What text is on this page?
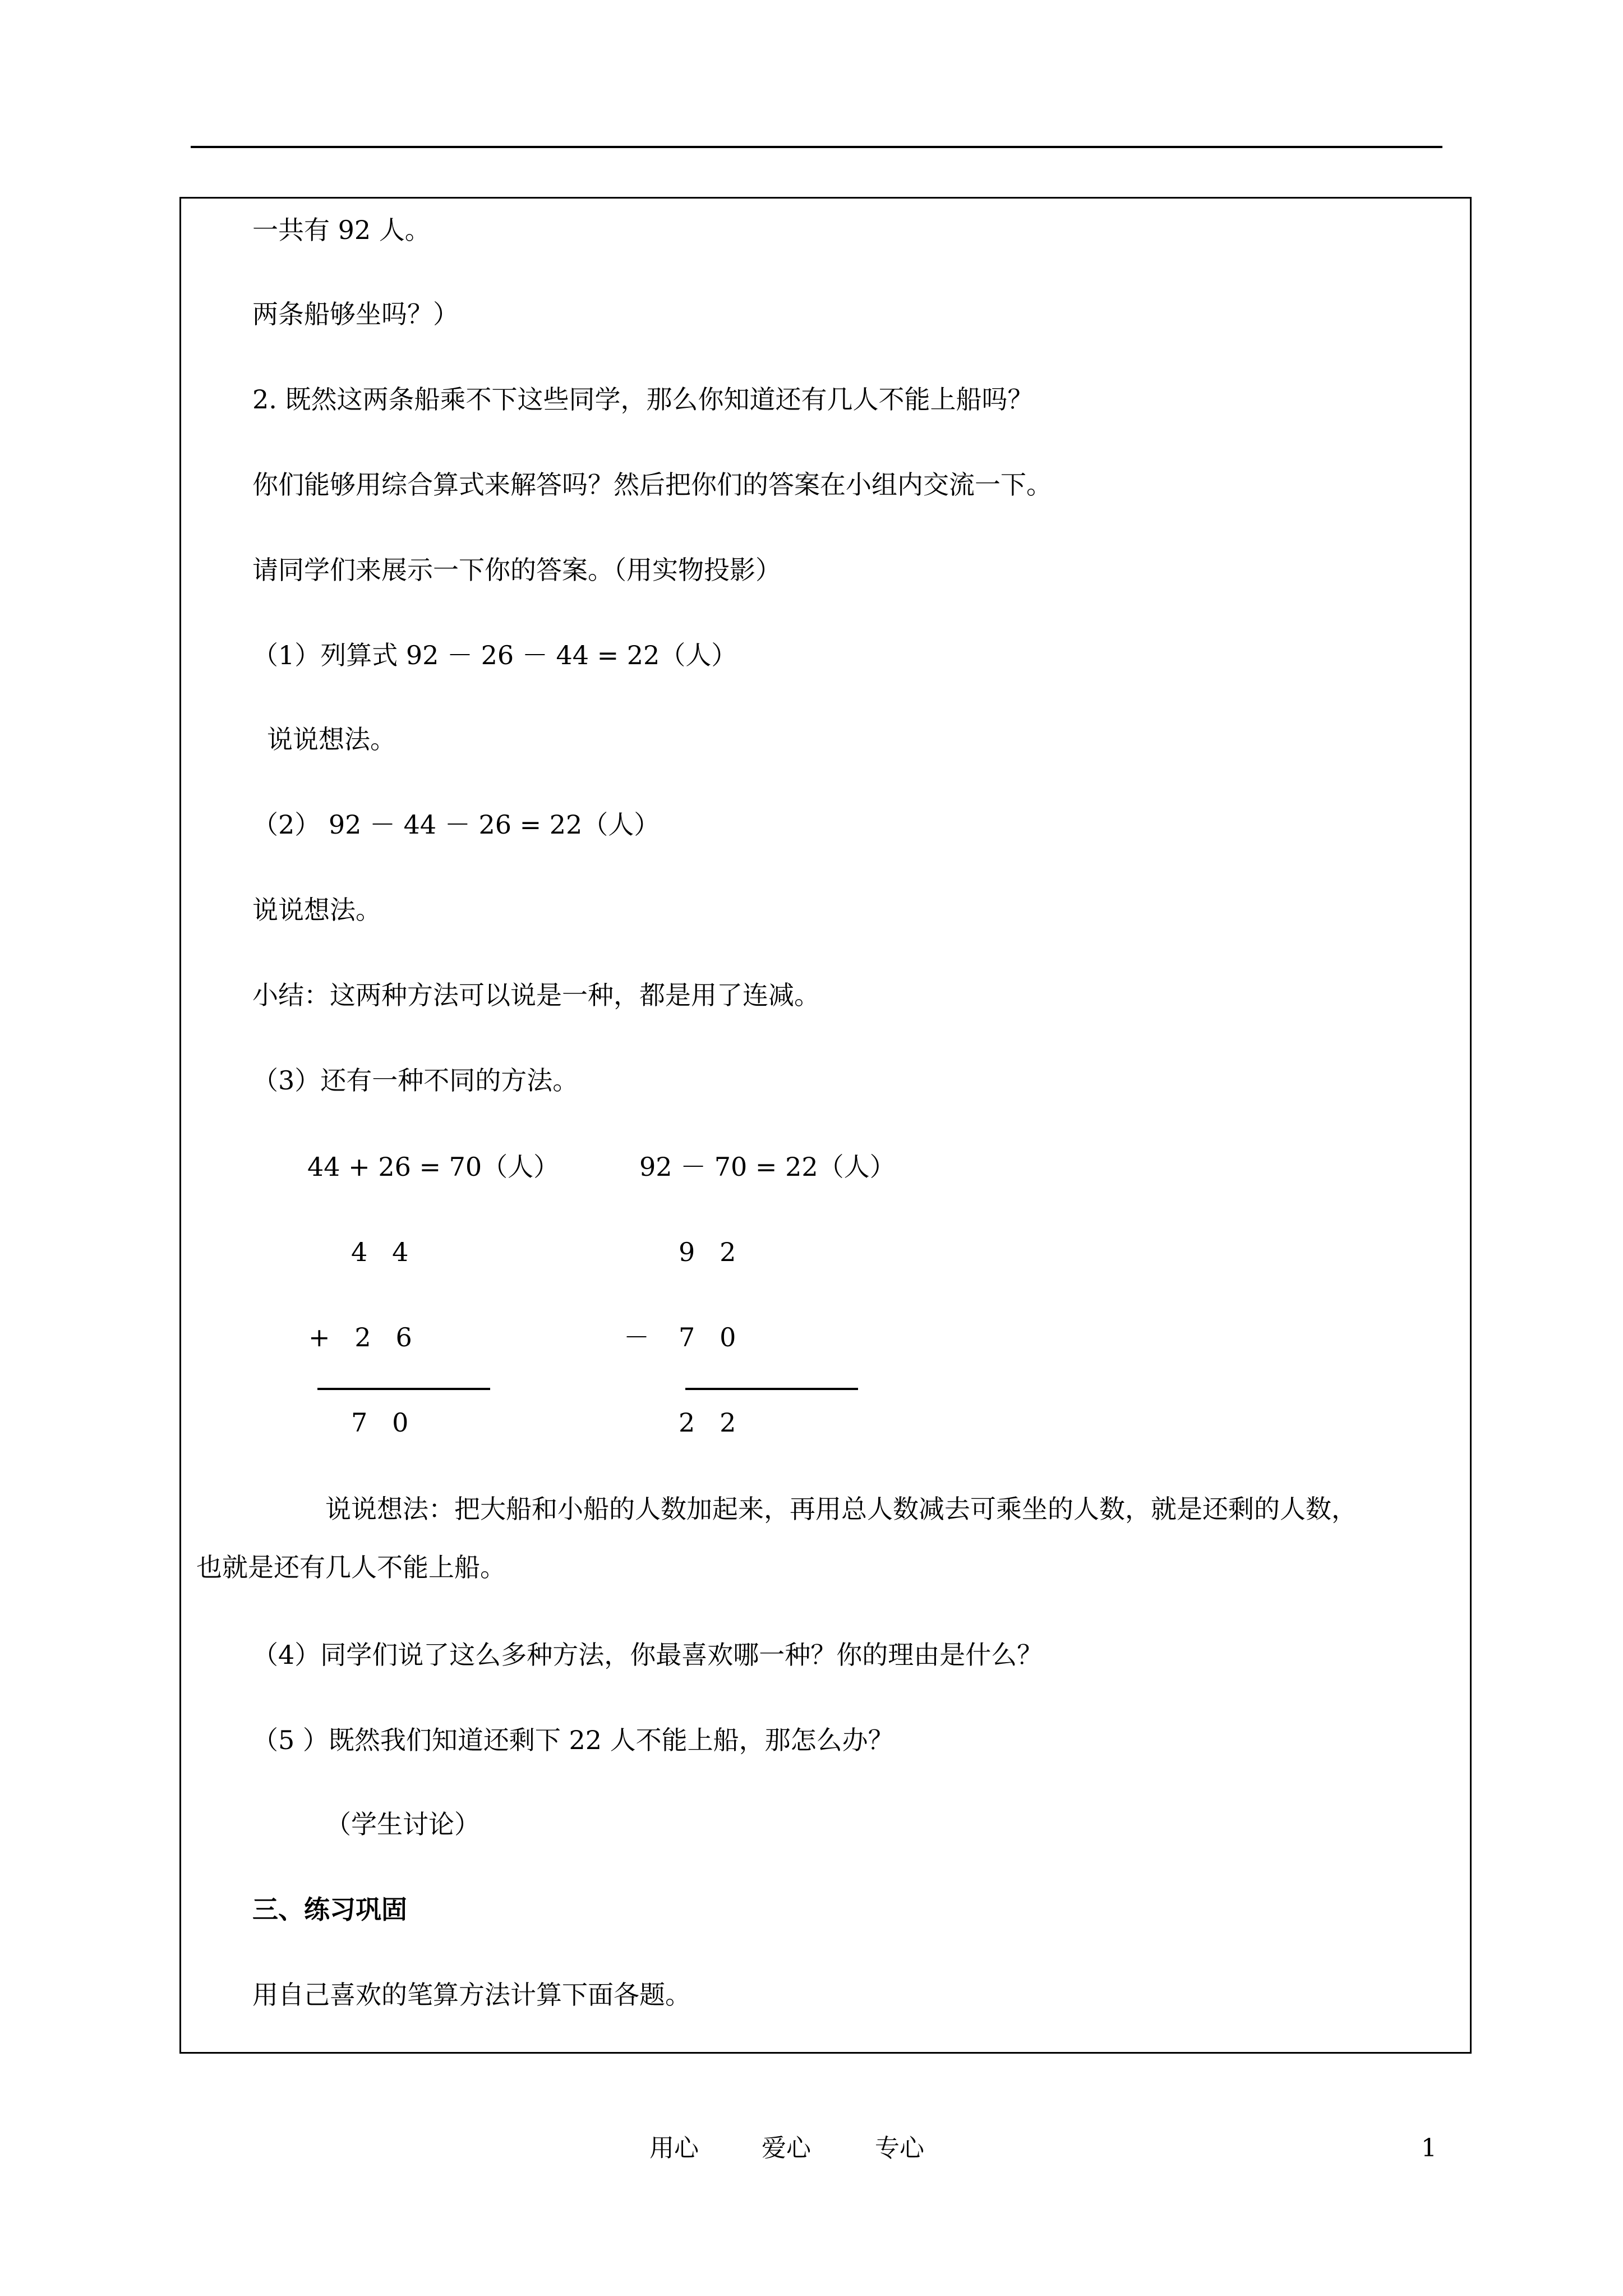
一共有 92 人。
两条船够坐吗？）
2. 既然这两条船乘不下这些同学，那么你知道还有几人不能上船吗？
你们能够用综合算式来解答吗？然后把你们的答案在小组内交流一下。
请同学们来展示一下你的答案。（用实物投影）
（1）列算式 92 － 26 － 44 = 22（人）
说说想法。
（2） 92 － 44 － 26 = 22（人）
说说想法。
小结：这两种方法可以说是一种，都是用了连减。
（3）还有一种不同的方法。
44 + 26 = 70（人）	92 － 70 = 22（人）
4   4	9   2
+   2   6	－ 7   0
7   0	2   2
说说想法：把大船和小船的人数加起来，再用总人数减去可乘坐的人数，就是还剩的人数，
也就是还有几人不能上船。
（4）同学们说了这么多种方法，你最喜欢哪一种？你的理由是什么？
（5 ）既然我们知道还剩下 22 人不能上船，那怎么办？
（学生讨论）
三、练习巩固
用自己喜欢的笔算方法计算下面各题。
用心	爱心	专心	1
